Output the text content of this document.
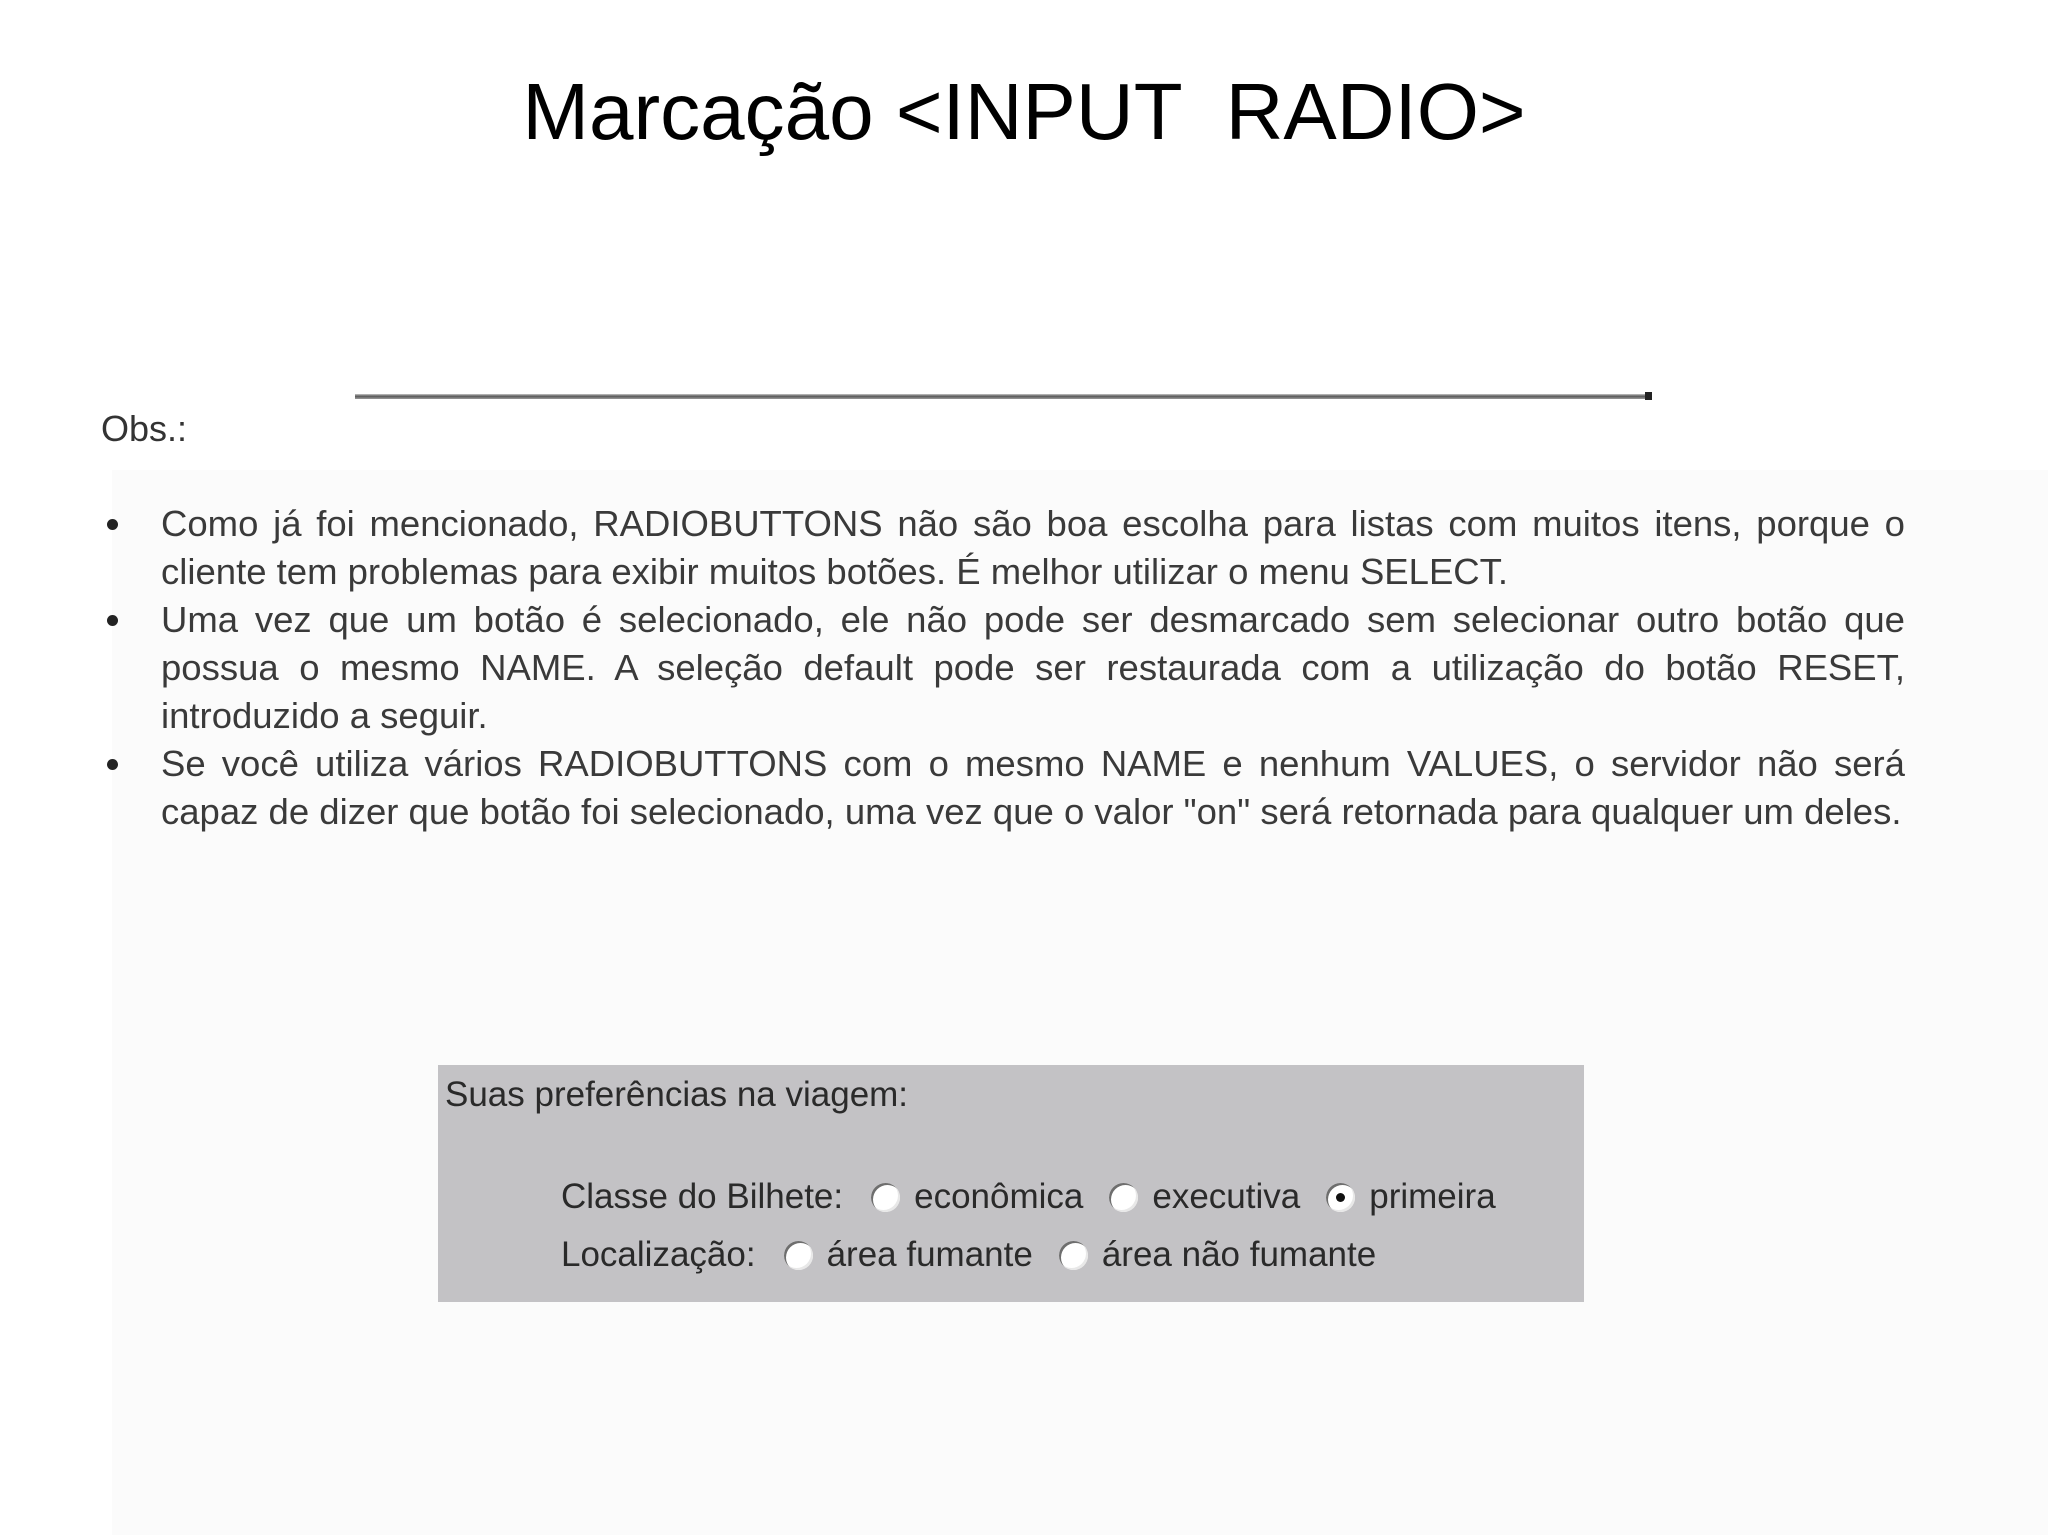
Marcação <INPUT  RADIO>
Obs.:
Como já foi mencionado, RADIOBUTTONS não são boa escolha para listas com muitos itens, porque o cliente tem problemas para exibir muitos botões. É melhor utilizar o menu SELECT.
Uma vez que um botão é selecionado, ele não pode ser desmarcado sem selecionar outro botão que possua o mesmo NAME. A seleção default pode ser restaurada com a utilização do botão RESET, introduzido a seguir.
Se você utiliza vários RADIOBUTTONS com o mesmo NAME e nenhum VALUES, o servidor não será capaz de dizer que botão foi selecionado, uma vez que o valor "on" será retornada para qualquer um deles.
Suas preferências na viagem:
Classe do Bilhete: econômica executiva primeira
Localização: área fumante área não fumante
